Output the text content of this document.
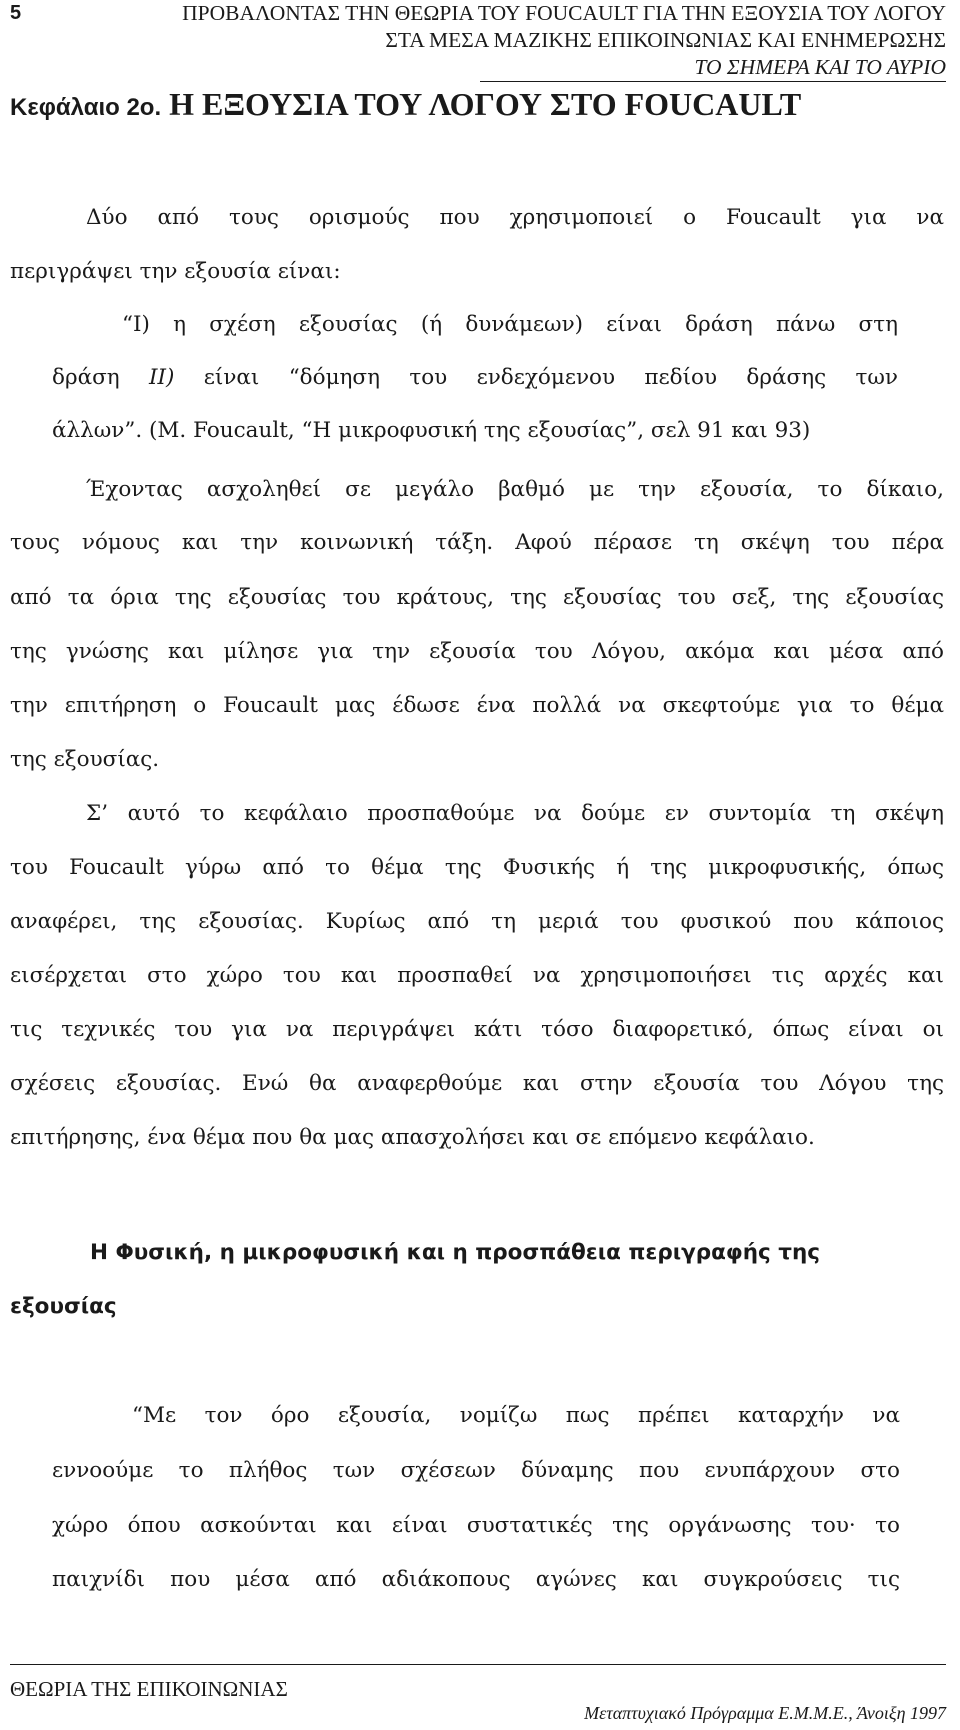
5	ΠΡΟΒΑΛΟΝΤΑΣ ΤΗΝ ΘΕΩΡΙΑ ΤΟΥ FOUCAULT ΓΙΑ ΤΗΝ ΕΞΟΥΣΙΑ ΤΟΥ ΛΟΓΟΥ
ΣΤΑ ΜΕΣΑ ΜΑΖΙΚΗΣ ΕΠΙΚΟΙΝΩΝΙΑΣ ΚΑΙ ΕΝΗΜΕΡΩΣΗΣ
ΤΟ ΣΗΜΕΡΑ ΚΑΙ ΤΟ ΑΥΡΙΟ
Κεφάλαιο 2ο. Η ΕΞΟΥΣΙΑ ΤΟΥ ΛΟΓΟΥ ΣΤΟ FOUCAULT
Δύο από τους ορισμούς που χρησιμοποιεί ο Foucault για να
περιγράψει την εξουσία είναι:
“I) η σχέση εξουσίας (ή δυνάμεων) είναι δράση πάνω στη
δράση II) είναι “δόμηση του ενδεχόμενου πεδίου δράσης των
άλλων”. (Μ. Foucault, “Η μικροφυσική της εξουσίας”, σελ 91 και 93)
Έχοντας ασχοληθεί σε μεγάλο βαθμό με την εξουσία, το δίκαιο,
τους νόμους και την κοινωνική τάξη. Αφού πέρασε τη σκέψη του πέρα
από τα όρια της εξουσίας του κράτους, της εξουσίας του σεξ, της εξουσίας
της γνώσης και μίλησε για την εξουσία του Λόγου, ακόμα και μέσα από
την επιτήρηση ο Foucault μας έδωσε ένα πολλά να σκεφτούμε για το θέμα
της εξουσίας.
Σ’ αυτό το κεφάλαιο προσπαθούμε να δούμε εν συντομία τη σκέψη
του Foucault γύρω από το θέμα της Φυσικής ή της μικροφυσικής, όπως
αναφέρει, της εξουσίας. Κυρίως από τη μεριά του φυσικού που κάποιος
εισέρχεται στο χώρο του και προσπαθεί να χρησιμοποιήσει τις αρχές και
τις τεχνικές του για να περιγράψει κάτι τόσο διαφορετικό, όπως είναι οι
σχέσεις εξουσίας. Ενώ θα αναφερθούμε και στην εξουσία του Λόγου της
επιτήρησης, ένα θέμα που θα μας απασχολήσει και σε επόμενο κεφάλαιο.
Η Φυσική, η μικροφυσική και η προσπάθεια περιγραφής της
εξουσίας
“Με τον όρο εξουσία, νομίζω πως πρέπει καταρχήν να
εννοούμε το πλήθος των σχέσεων δύναμης που ενυπάρχουν στο
χώρο όπου ασκούνται και είναι συστατικές της οργάνωσης του· το
παιχνίδι που μέσα από αδιάκοπους αγώνες και συγκρούσεις τις
ΘΕΩΡΙΑ ΤΗΣ ΕΠΙΚΟΙΝΩΝΙΑΣ
Μεταπτυχιακό Πρόγραμμα Ε.Μ.Μ.Ε., Άνοιξη 1997
